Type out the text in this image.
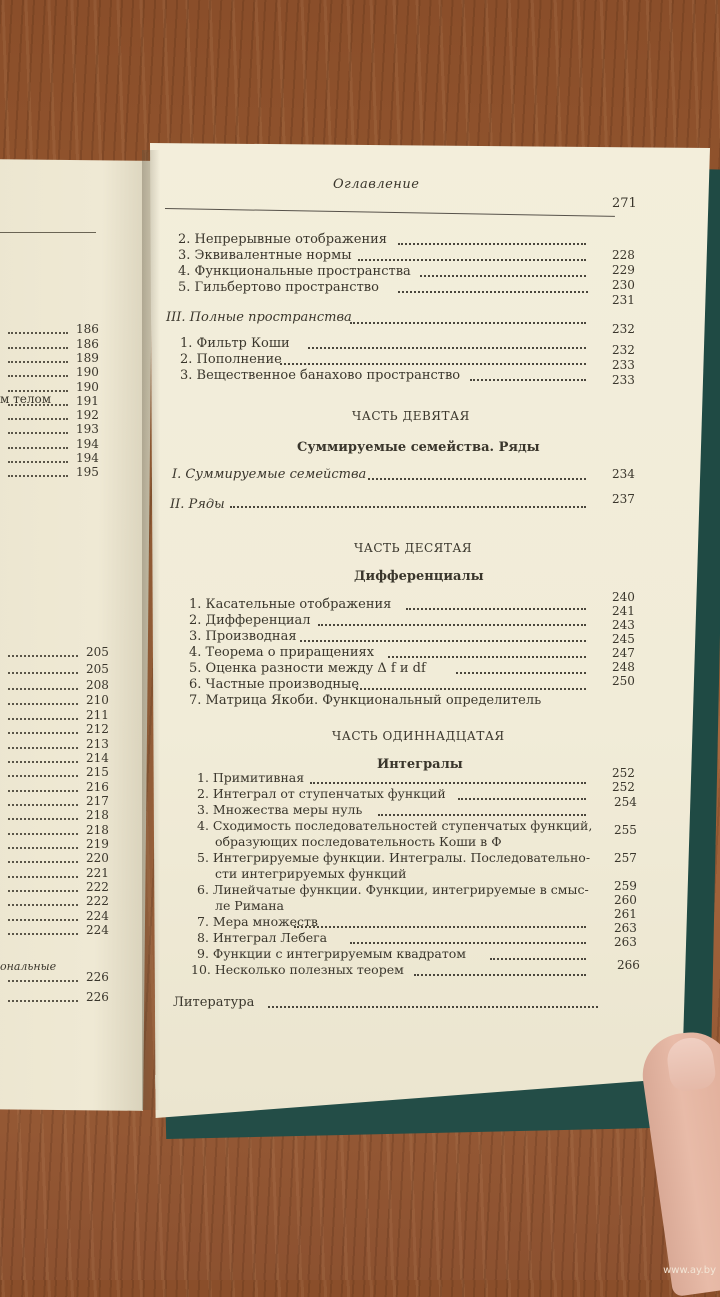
186
186
189
190
190
191
192
193
194
194
195
205
205
208
210
211
212
213
214
215
216
217
218
218
219
220
221
222
222
224
224
226
226
м телом
ональные
Оглавление
271
2. Непрерывные отображения
3. Эквивалентные нормы
4. Функциональные пространства
5. Гильбертово пространство
228
229
230
231
III. Полные пространства
232
1. Фильтр Коши
2. Пополнение
3. Вещественное банахово пространство
232
233
233
ЧАСТЬ ДЕВЯТАЯ
Суммируемые семейства. Ряды
I. Суммируемые семейства	234
II. Ряды	237
ЧАСТЬ ДЕСЯТАЯ
Дифференциалы
1. Касательные отображения
2. Дифференциал
3. Производная
4. Теорема о приращениях
5. Оценка разности между Δ f и df
6. Частные производные
7. Матрица Якоби. Функциональный определитель
240
241
243
245
247
248
250
ЧАСТЬ ОДИННАДЦАТАЯ
Интегралы
1. Примитивная
2. Интеграл от ступенчатых функций
3. Множества меры нуль
4. Сходимость последовательностей ступенчатых функций,
образующих последовательность Коши в Ф
5. Интегрируемые функции. Интегралы. Последовательно-
сти интегрируемых функций
6. Линейчатые функции. Функции, интегрируемые в смыс-
ле Римана
7. Мера множеств
8. Интеграл Лебега
9. Функции с интегрируемым квадратом
10. Несколько полезных теорем
252
252
254
255
257
259
260
261
263
263
266
Литература
www.ay.by
